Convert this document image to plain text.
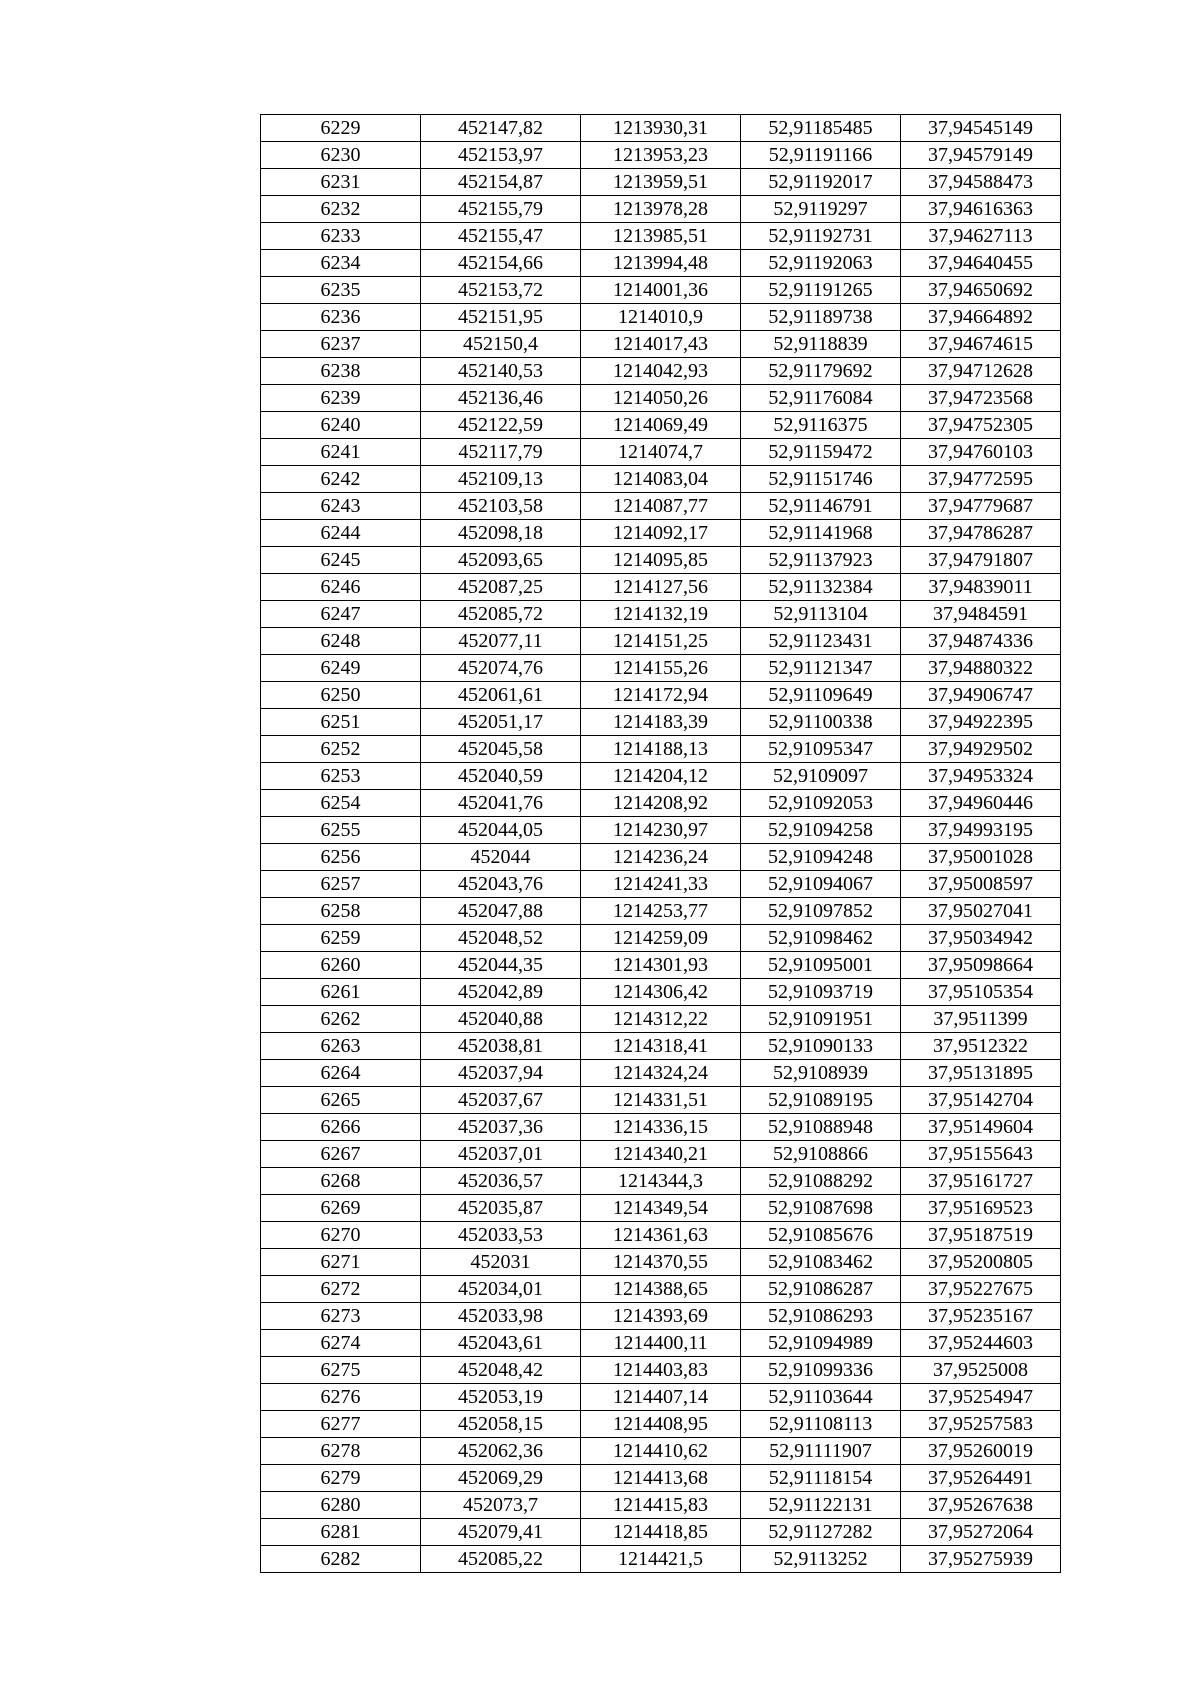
6229	452147,82	1213930,31	52,91185485	37,94545149
6230	452153,97	1213953,23	52,91191166	37,94579149
6231	452154,87	1213959,51	52,91192017	37,94588473
6232	452155,79	1213978,28	52,9119297	37,94616363
6233	452155,47	1213985,51	52,91192731	37,94627113
6234	452154,66	1213994,48	52,91192063	37,94640455
6235	452153,72	1214001,36	52,91191265	37,94650692
6236	452151,95	1214010,9	52,91189738	37,94664892
6237	452150,4	1214017,43	52,9118839	37,94674615
6238	452140,53	1214042,93	52,91179692	37,94712628
6239	452136,46	1214050,26	52,91176084	37,94723568
6240	452122,59	1214069,49	52,9116375	37,94752305
6241	452117,79	1214074,7	52,91159472	37,94760103
6242	452109,13	1214083,04	52,91151746	37,94772595
6243	452103,58	1214087,77	52,91146791	37,94779687
6244	452098,18	1214092,17	52,91141968	37,94786287
6245	452093,65	1214095,85	52,91137923	37,94791807
6246	452087,25	1214127,56	52,91132384	37,94839011
6247	452085,72	1214132,19	52,9113104	37,9484591
6248	452077,11	1214151,25	52,91123431	37,94874336
6249	452074,76	1214155,26	52,91121347	37,94880322
6250	452061,61	1214172,94	52,91109649	37,94906747
6251	452051,17	1214183,39	52,91100338	37,94922395
6252	452045,58	1214188,13	52,91095347	37,94929502
6253	452040,59	1214204,12	52,9109097	37,94953324
6254	452041,76	1214208,92	52,91092053	37,94960446
6255	452044,05	1214230,97	52,91094258	37,94993195
6256	452044	1214236,24	52,91094248	37,95001028
6257	452043,76	1214241,33	52,91094067	37,95008597
6258	452047,88	1214253,77	52,91097852	37,95027041
6259	452048,52	1214259,09	52,91098462	37,95034942
6260	452044,35	1214301,93	52,91095001	37,95098664
6261	452042,89	1214306,42	52,91093719	37,95105354
6262	452040,88	1214312,22	52,91091951	37,9511399
6263	452038,81	1214318,41	52,91090133	37,9512322
6264	452037,94	1214324,24	52,9108939	37,95131895
6265	452037,67	1214331,51	52,91089195	37,95142704
6266	452037,36	1214336,15	52,91088948	37,95149604
6267	452037,01	1214340,21	52,9108866	37,95155643
6268	452036,57	1214344,3	52,91088292	37,95161727
6269	452035,87	1214349,54	52,91087698	37,95169523
6270	452033,53	1214361,63	52,91085676	37,95187519
6271	452031	1214370,55	52,91083462	37,95200805
6272	452034,01	1214388,65	52,91086287	37,95227675
6273	452033,98	1214393,69	52,91086293	37,95235167
6274	452043,61	1214400,11	52,91094989	37,95244603
6275	452048,42	1214403,83	52,91099336	37,9525008
6276	452053,19	1214407,14	52,91103644	37,95254947
6277	452058,15	1214408,95	52,91108113	37,95257583
6278	452062,36	1214410,62	52,91111907	37,95260019
6279	452069,29	1214413,68	52,91118154	37,95264491
6280	452073,7	1214415,83	52,91122131	37,95267638
6281	452079,41	1214418,85	52,91127282	37,95272064
6282	452085,22	1214421,5	52,9113252	37,95275939
